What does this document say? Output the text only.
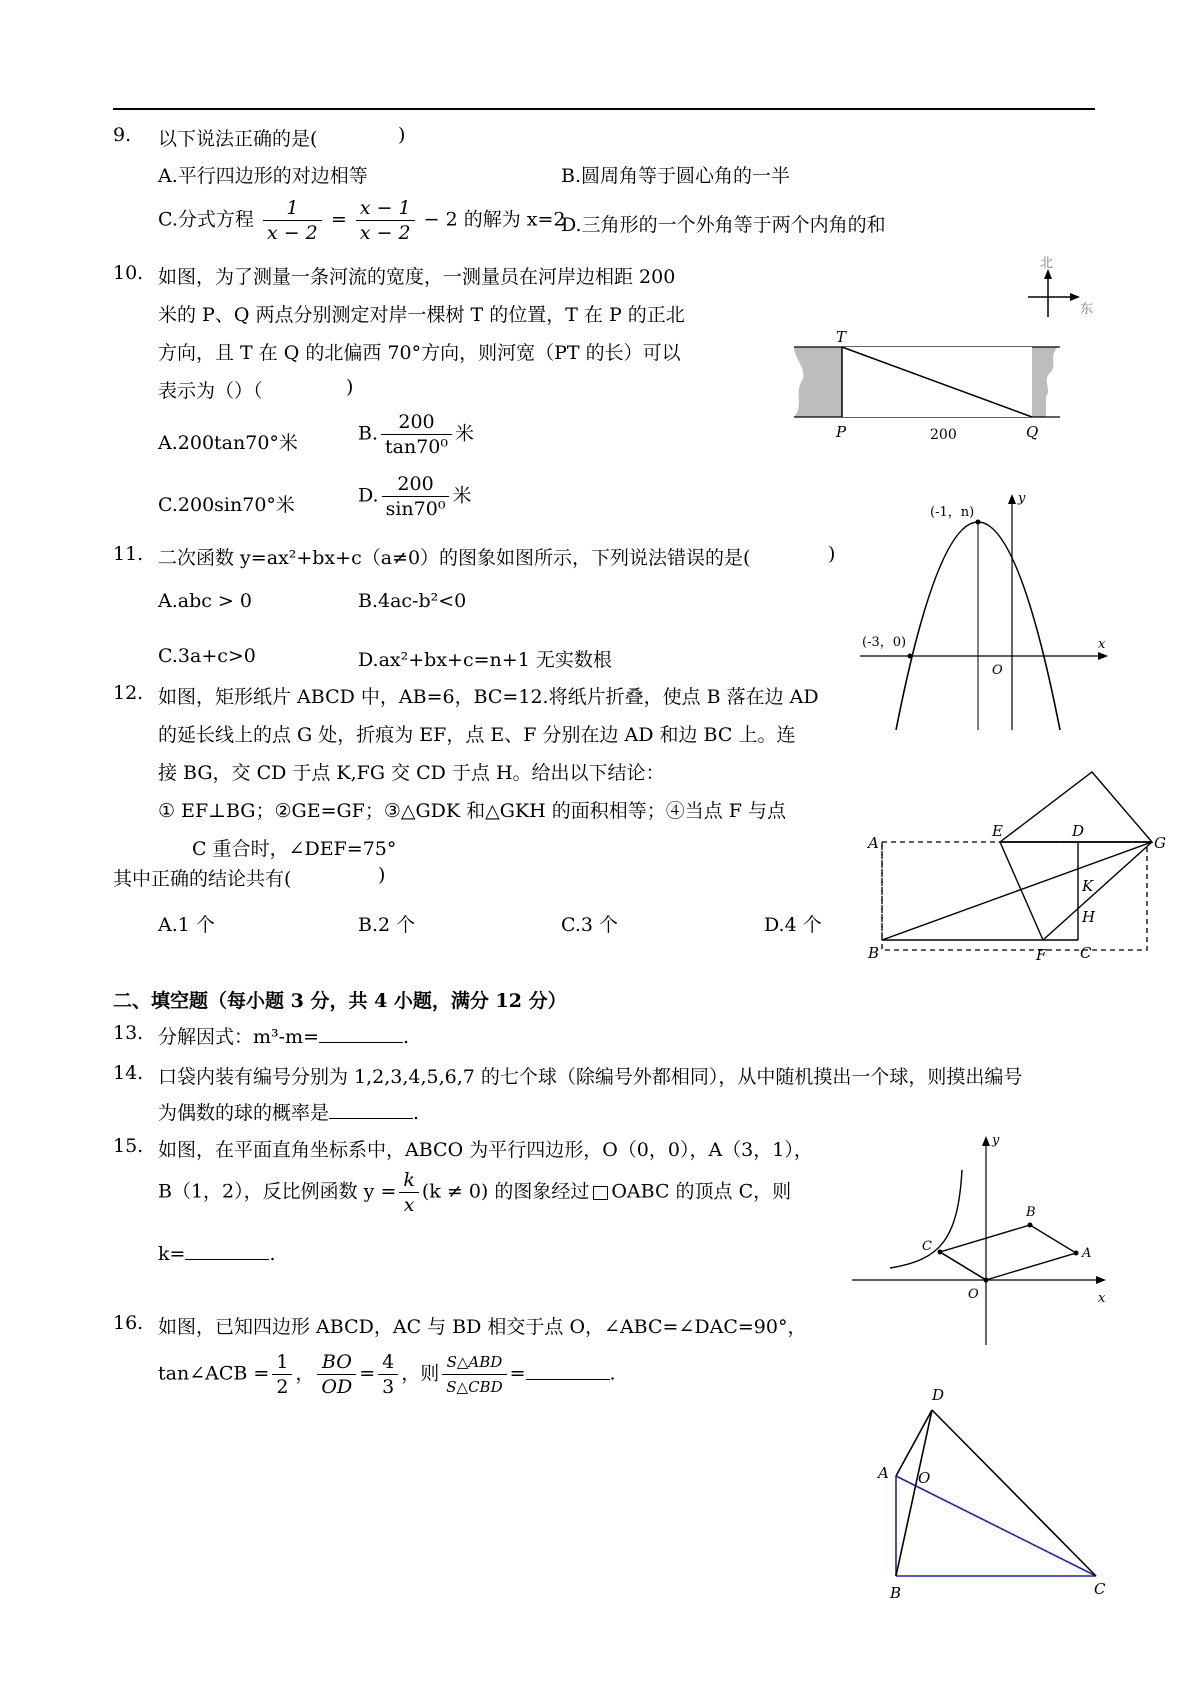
9. 以下说法正确的是(	)
A.平行四边形的对边相等	B.圆周角等于圆心角的一半
C.分式方程 $\frac{1}{x - 2} = \frac{x - 1}{x - 2} - 2$ 的解为 x=2
D.三角形的一个外角等于两个内角的和
10. 如图，为了测量一条河流的宽度，一测量员在河岸边相距 200
米的 P、Q 两点分别测定对岸一棵树 T 的位置，T 在 P 的正北
方向，且 T 在 Q 的北偏西 70°方向，则河宽（PT 的长）可以
表示为（）（	)
A.200tan70°米	B. $\frac{200}{\text{tan70⁰}}$ 米
C.200sin70°米	D. $\frac{200}{\text{sin70⁰}}$ 米
北
东
T
P	Q
200
11. 二次函数 y=ax²+bx+c（a≠0）的图象如图所示，下列说法错误的是(	)
A.abc > 0	B.4ac-b²<0
C.3a+c>0	D.ax²+bx+c=n+1 无实数根
(-1，n)
(-3，0)	x
y
O
12. 如图，矩形纸片 ABCD 中，AB=6，BC=12.将纸片折叠，使点 B 落在边 AD
的延长线上的点 G 处，折痕为 EF，点 E、F 分别在边 AD 和边 BC 上。连
接 BG，交 CD 于点 K,FG 交 CD 于点 H。给出以下结论：
① EF⊥BG；②GE=GF；③△GDK 和△GKH 的面积相等；④当点 F 与点
C 重合时，∠DEF=75°
其中正确的结论共有(	)
A.1 个	B.2 个	C.3 个	D.4 个
A
B	C
D
E
F
G
K
H
二、填空题（每小题 3 分，共 4 小题，满分 12 分）
13. 分解因式：m³-m=	.
14. 口袋内装有编号分别为 1,2,3,4,5,6,7 的七个球（除编号外都相同），从中随机摸出一个球，则摸出编号
为偶数的球的概率是	.
15. 如图，在平面直角坐标系中，ABCO 为平行四边形，O（0，0），A（3，1），
B（1，2），反比例函数 $y = \frac{k}{x} (k \ne 0)$ 的图象经过 OABC 的顶点 C，则
k=	.	A
B
C
O	x
y
16. 如图，已知四边形 ABCD，AC 与 BD 相交于点 O，∠ABC=∠DAC=90°，
tan∠ACB = $\frac{1}{2}$ ， $\frac{BO}{OD} = \frac{4}{3}$ ，则 $\frac{\text{S△ABD}}{\text{S△CBD}}$ =	.
D
A O
B	C
